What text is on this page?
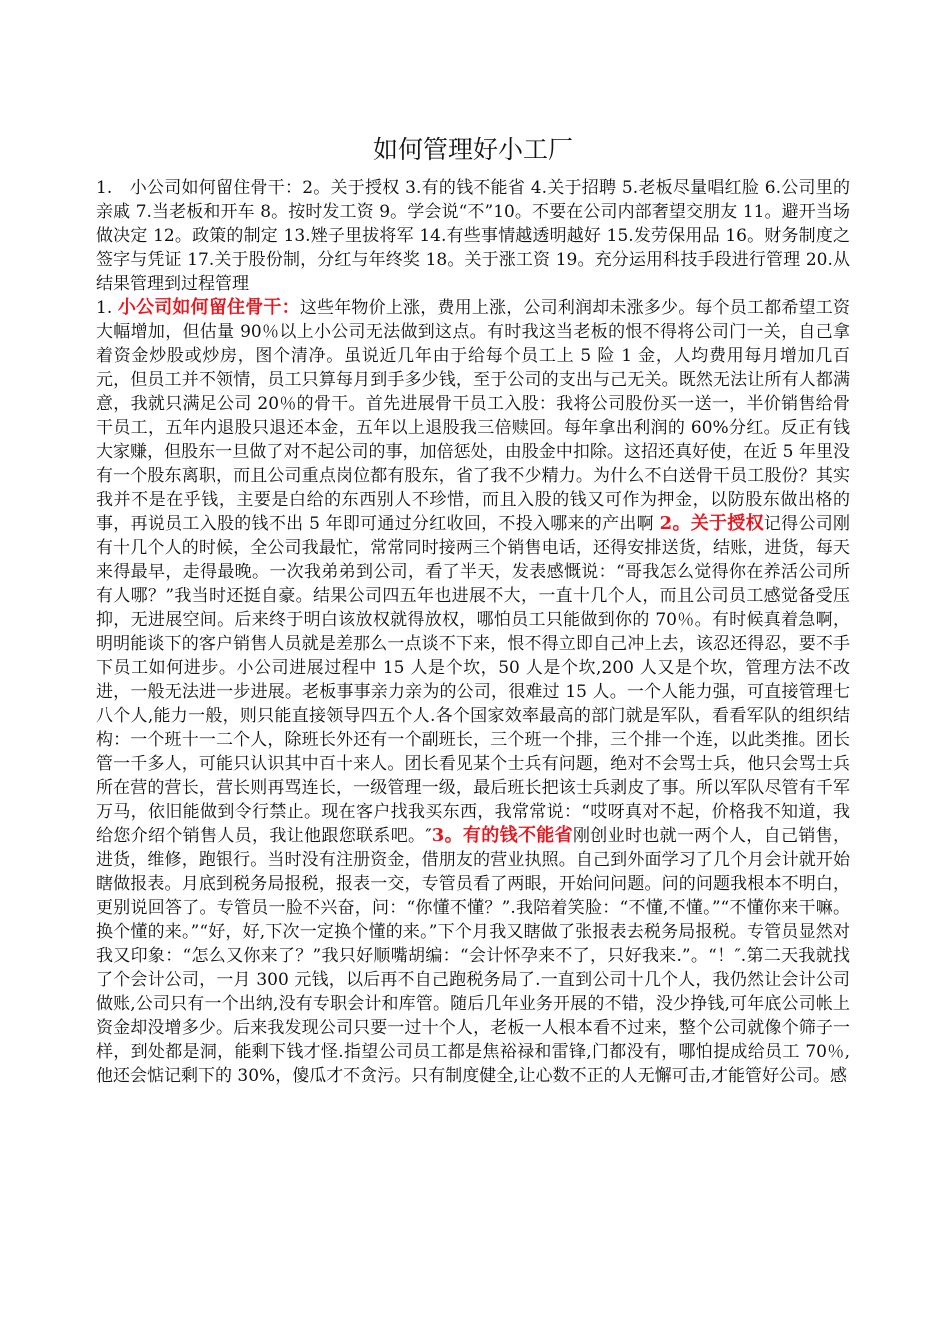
如何管理好小工厂

1.　小公司如何留住骨干：2。关于授权 3.有的钱不能省 4.关于招聘 5.老板尽量唱红脸 6.公司里的亲戚 7.当老板和开车 8。按时发工资 9。学会说“不”10。不要在公司内部奢望交朋友 11。避开当场做决定 12。政策的制定 13.矬子里拔将军 14.有些事情越透明越好 15.发劳保用品 16。财务制度之签字与凭证 17.关于股份制，分红与年终奖 18。关于涨工资 19。充分运用科技手段进行管理 20.从结果管理到过程管理
1. 小公司如何留住骨干：这些年物价上涨，费用上涨，公司利润却未涨多少。每个员工都希望工资大幅增加，但估量 90％以上小公司无法做到这点。有时我这当老板的恨不得将公司门一关，自己拿着资金炒股或炒房，图个清净。虽说近几年由于给每个员工上 5 险 1 金，人均费用每月增加几百元，但员工并不领情，员工只算每月到手多少钱，至于公司的支出与己无关。既然无法让所有人都满意，我就只满足公司 20％的骨干。首先进展骨干员工入股：我将公司股份买一送一，半价销售给骨干员工，五年内退股只退还本金，五年以上退股我三倍赎回。每年拿出利润的 60%分红。反正有钱大家赚，但股东一旦做了对不起公司的事，加倍惩处，由股金中扣除。这招还真好使，在近 5 年里没有一个股东离职，而且公司重点岗位都有股东，省了我不少精力。为什么不白送骨干员工股份？其实我并不是在乎钱，主要是白给的东西别人不珍惜，而且入股的钱又可作为押金，以防股东做出格的事，再说员工入股的钱不出 5 年即可通过分红收回，不投入哪来的产出啊 2。关于授权记得公司刚有十几个人的时候，全公司我最忙，常常同时接两三个销售电话，还得安排送货，结账，进货，每天来得最早，走得最晚。一次我弟弟到公司，看了半天，发表感慨说：“哥我怎么觉得你在养活公司所有人哪？”我当时还挺自豪。结果公司四五年也进展不大，一直十几个人，而且公司员工感觉备受压抑，无进展空间。后来终于明白该放权就得放权，哪怕员工只能做到你的 70％。有时候真着急啊，明明能谈下的客户销售人员就是差那么一点谈不下来，恨不得立即自己冲上去，该忍还得忍，要不手下员工如何进步。小公司进展过程中 15 人是个坎，50 人是个坎,200 人又是个坎，管理方法不改进，一般无法进一步进展。老板事事亲力亲为的公司，很难过 15 人。一个人能力强，可直接管理七八个人,能力一般，则只能直接领导四五个人.各个国家效率最高的部门就是军队，看看军队的组织结构：一个班十一二个人，除班长外还有一个副班长，三个班一个排，三个排一个连，以此类推。团长管一千多人，可能只认识其中百十来人。团长看见某个士兵有问题，绝对不会骂士兵，他只会骂士兵所在营的营长，营长则再骂连长，一级管理一级，最后班长把该士兵剥皮了事。所以军队尽管有千军万马，依旧能做到令行禁止。现在客户找我买东西，我常常说：“哎呀真对不起，价格我不知道，我给您介绍个销售人员，我让他跟您联系吧。″3。有的钱不能省刚创业时也就一两个人，自己销售，进货，维修，跑银行。当时没有注册资金，借朋友的营业执照。自己到外面学习了几个月会计就开始瞎做报表。月底到税务局报税，报表一交，专管员看了两眼，开始问问题。问的问题我根本不明白，更别说回答了。专管员一脸不兴奋，问：“你懂不懂？”.我陪着笑脸：“不懂,不懂。”“不懂你来干嘛。换个懂的来。”“好，好,下次一定换个懂的来。”下个月我又瞎做了张报表去税务局报税。专管员显然对我又印象：“怎么又你来了？”我只好顺嘴胡编：“会计怀孕来不了，只好我来.”。“！″.第二天我就找了个会计公司，一月 300 元钱，以后再不自己跑税务局了.一直到公司十几个人，我仍然让会计公司做账,公司只有一个出纳,没有专职会计和库管。随后几年业务开展的不错，没少挣钱,可年底公司帐上资金却没增多少。后来我发现公司只要一过十个人，老板一人根本看不过来，整个公司就像个筛子一样，到处都是洞，能剩下钱才怪.指望公司员工都是焦裕禄和雷锋,门都没有，哪怕提成给员工 70％,他还会惦记剩下的 30%，傻瓜才不贪污。只有制度健全,让心数不正的人无懈可击,才能管好公司。感
